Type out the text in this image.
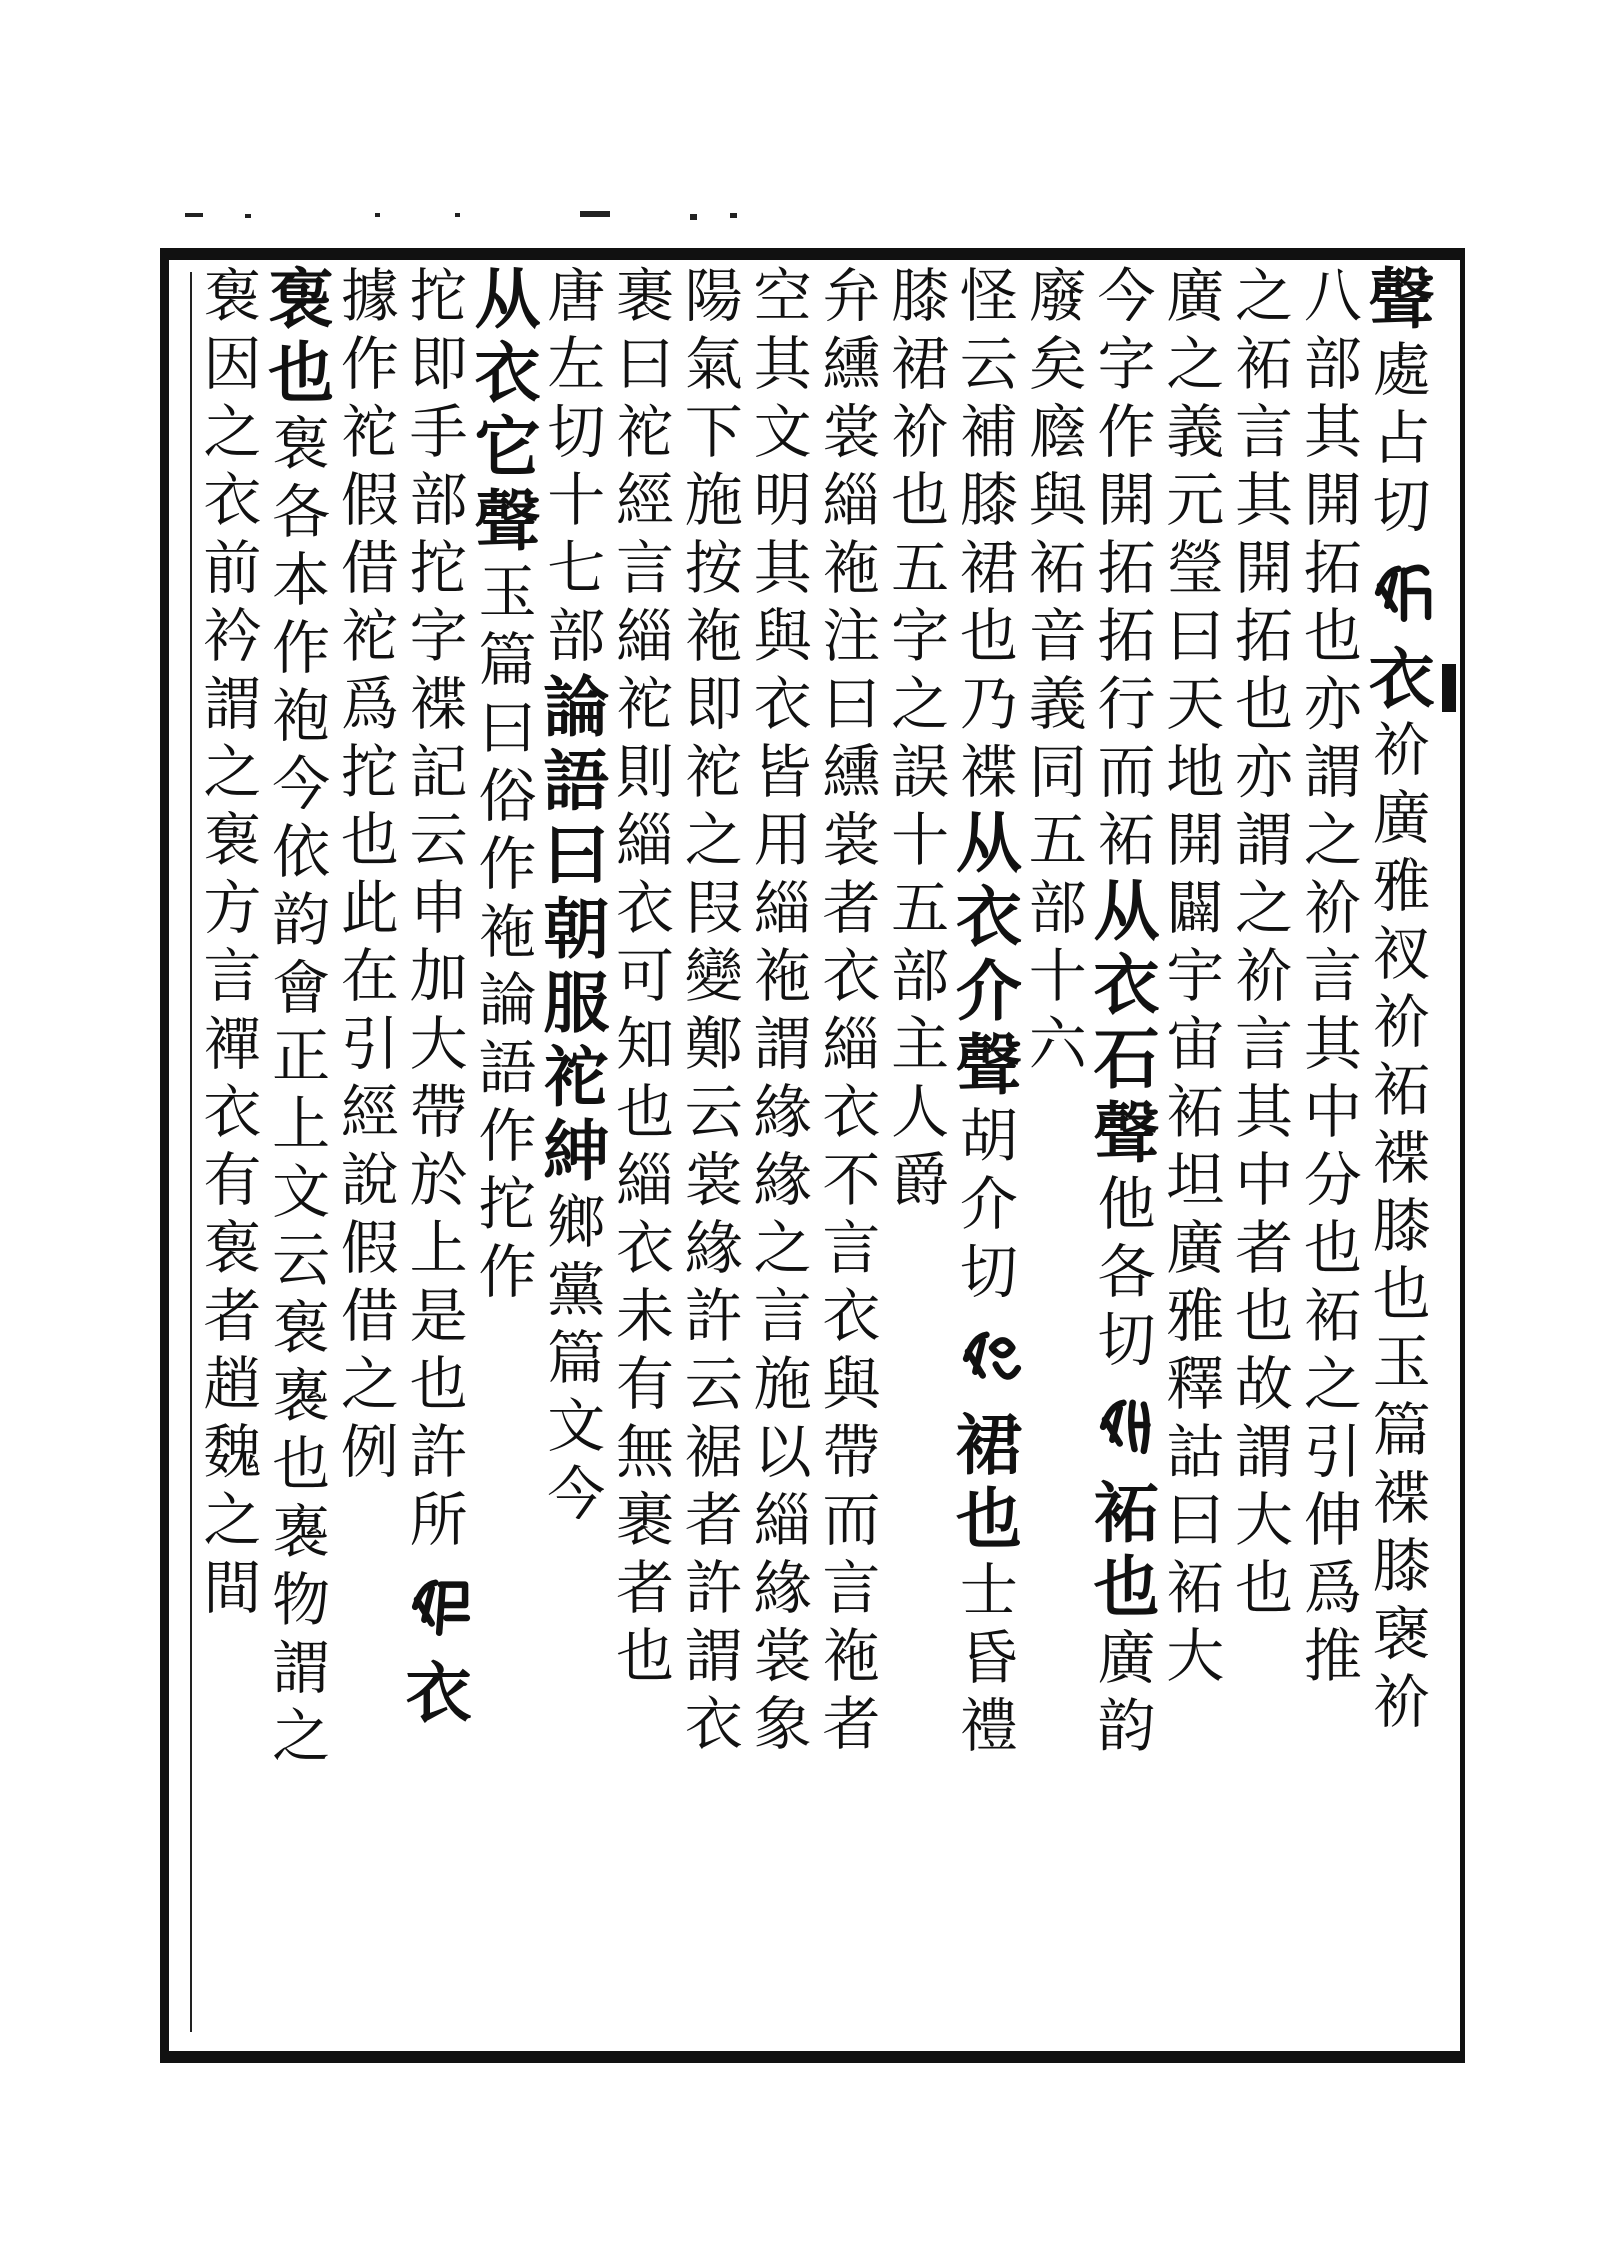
聲
處
占
切
衣
衸
廣
雅
衩
衸
袥
褋
膝
也
玉
篇
褋
膝
襃
衸
八
部
其
開
拓
也
亦
謂
之
衸
言
其
中
分
也
袥
之
引
伸
爲
推
之
袥
言
其
開
拓
也
亦
謂
之
衸
言
其
中
者
也
故
謂
大
也
廣
之
義
元
瑩
曰
天
地
開
闢
宇
宙
袥
坦
廣
雅
釋
詁
曰
袥
大
今
字
作
開
拓
拓
行
而
袥
从
衣
石
聲
他
各
切
袥
也
廣
韵
廢
矣
廕
與
袥
音
義
同
五
部
十
六
怪
云
補
膝
裙
也
乃
褋
从
衣
介
聲
胡
介
切
裙
也
士
昏
禮
膝
裙
衸
也
五
字
之
誤
十
五
部
主
人
爵
弁
纁
裳
緇
袘
注
曰
纁
裳
者
衣
緇
衣
不
言
衣
與
帶
而
言
袘
者
空
其
文
明
其
與
衣
皆
用
緇
袘
謂
緣
緣
之
言
施
以
緇
緣
裳
象
陽
氣
下
施
按
袘
即
袉
之
叚
變
鄭
云
裳
緣
許
云
裾
者
許
謂
衣
裹
曰
袉
經
言
緇
袉
則
緇
衣
可
知
也
緇
衣
未
有
無
裹
者
也
唐
左
切
十
七
部
論
語
曰
朝
服
袉
紳
鄉
黨
篇
文
今
从
衣
它
聲
玉
篇
曰
俗
作
袘
論
語
作
拕
作
拕
即
手
部
拕
字
褋
記
云
申
加
大
帶
於
上
是
也
許
所
衣
據
作
袉
假
借
袉
爲
拕
也
此
在
引
經
說
假
借
之
例
袌
也
袌
各
本
作
袍
今
依
韵
會
正
上
文
云
袌
褢
也
褢
物
謂
之
袌
因
之
衣
前
衿
謂
之
袌
方
言
襌
衣
有
袌
者
趙
魏
之
間
